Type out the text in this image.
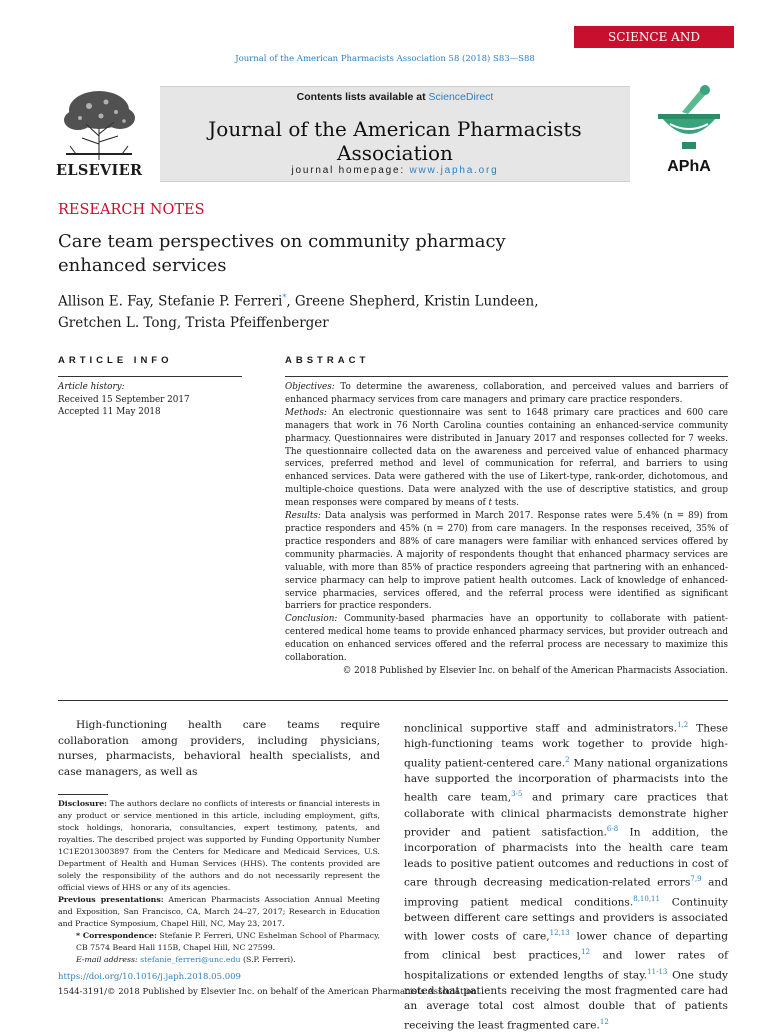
SCIENCE AND PRACTICE
Journal of the American Pharmacists Association 58 (2018) S83—S88
ELSEVIER
Contents lists available at ScienceDirect
Journal of the American Pharmacists Association
journal homepage: www.japha.org	APhA
RESEARCH NOTES
Care team perspectives on community pharmacy enhanced services
Allison E. Fay, Stefanie P. Ferreri*, Greene Shepherd, Kristin Lundeen,
Gretchen L. Tong, Trista Pfeiffenberger
ARTICLE INFO	ABSTRACT
Article history:
Received 15 September 2017
Accepted 11 May 2018

Objectives: To determine the awareness, collaboration, and perceived values and barriers of enhanced pharmacy services from care managers and primary care practice responders.

Methods: An electronic questionnaire was sent to 1648 primary care practices and 600 care managers that work in 76 North Carolina counties containing an enhanced-service community pharmacy. Questionnaires were distributed in January 2017 and responses collected for 7 weeks. The questionnaire collected data on the awareness and perceived value of enhanced pharmacy services, preferred method and level of communication for referral, and barriers to using enhanced services. Data were gathered with the use of Likert-type, rank-order, dichotomous, and multiple-choice questions. Data were analyzed with the use of descriptive statistics, and group mean responses were compared by means of t tests.

Results: Data analysis was performed in March 2017. Response rates were 5.4% (n = 89) from practice responders and 45% (n = 270) from care managers. In the responses received, 35% of practice responders and 88% of care managers were familiar with enhanced services offered by community pharmacies. A majority of respondents thought that enhanced pharmacy services are valuable, with more than 85% of practice responders agreeing that partnering with an enhanced-service pharmacy can help to improve patient health outcomes. Lack of knowledge of enhanced-service pharmacies, services offered, and the referral process were identified as significant barriers for practice responders.

Conclusion: Community-based pharmacies have an opportunity to collaborate with patient-centered medical home teams to provide enhanced pharmacy services, but provider outreach and education on enhanced services offered and the referral process are necessary to maximize this collaboration.

© 2018 Published by Elsevier Inc. on behalf of the American Pharmacists Association.

High-functioning health care teams require collaboration among providers, including physicians, nurses, pharmacists, behavioral health specialists, and case managers, as well as

Disclosure: The authors declare no conflicts of interests or financial interests in any product or service mentioned in this article, including employment, gifts, stock holdings, honoraria, consultancies, expert testimony, patents, and royalties. The described project was supported by Funding Opportunity Number 1C1E2013003897 from the Centers for Medicare and Medicaid Services, U.S. Department of Health and Human Services (HHS). The contents provided are solely the responsibility of the authors and do not necessarily represent the official views of HHS or any of its agencies.

Previous presentations: American Pharmacists Association Annual Meeting and Exposition, San Francisco, CA, March 24–27, 2017; Research in Education and Practice Symposium, Chapel Hill, NC, May 23, 2017.

* Correspondence: Stefanie P. Ferreri, UNC Eshelman School of Pharmacy, CB 7574 Beard Hall 115B, Chapel Hill, NC 27599.

E-mail address: stefanie_ferreri@unc.edu (S.P. Ferreri).

nonclinical supportive staff and administrators.$^{1,2}$ These high-functioning teams work together to provide high-quality patient-centered care.$^2$ Many national organizations have supported the incorporation of pharmacists into the health care team,$^{3-5}$ and primary care practices that collaborate with clinical pharmacists demonstrate higher provider and patient satisfaction.$^{6-8}$ In addition, the incorporation of pharmacists into the health care team leads to positive patient outcomes and reductions in cost of care through decreasing medication-related errors$^{7,9}$ and improving patient medical conditions.$^{8,10,11}$ Continuity between different care settings and providers is associated with lower costs of care,$^{12,13}$ lower chance of departing from clinical best practices,$^{12}$ and lower rates of hospitalizations or extended lengths of stay.$^{11-13}$ One study noted that patients receiving the most fragmented care had an average total cost almost double that of patients receiving the least fragmented care.$^{12}$
https://doi.org/10.1016/j.japh.2018.05.009
1544-3191/© 2018 Published by Elsevier Inc. on behalf of the American Pharmacists Association.
